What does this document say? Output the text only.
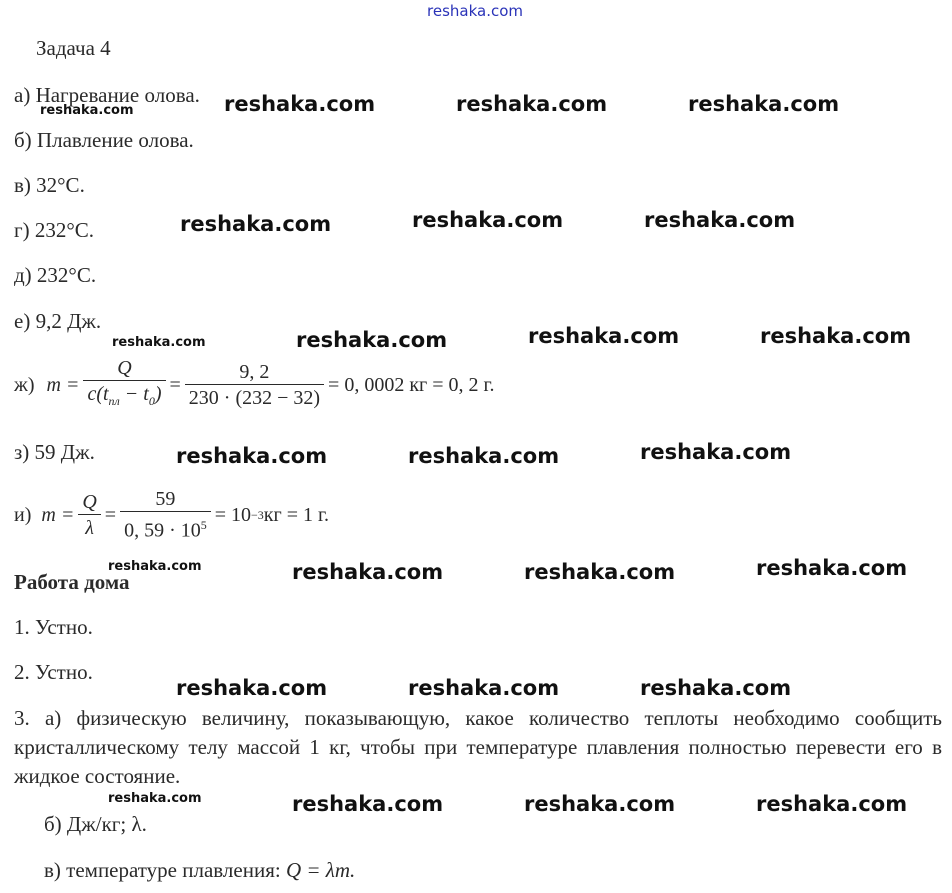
reshaka.com
Задача 4
а) Нагревание олова.
б) Плавление олова.
в) 32°С.
г) 232°С.
д) 232°С.
е) 9,2 Дж.
ж) $m = \frac{Q}{c(t_{пл} - t_0)} = \frac{9, 2}{230 \cdot (232 - 32)} = 0$, 0002 кг = 0, 2 г.
з) 59 Дж.
и) $m = \frac{Q}{\lambda} = \frac{59}{0, 59 \cdot 10^5} = 10 -3$ кг = 1 г.
Работа дома
1. Устно.
2. Устно.
3. а) физическую величину, показывающую, какое количество теплоты необходимо сообщить кристаллическому телу массой 1 кг, чтобы при температуре плавления полностью перевести его в жидкое состояние.
б) Дж/кг; λ.
в) температуре плавления: Q = λm.
reshaka.com	reshaka.com	reshaka.com	reshaka.com
reshaka.com	reshaka.com	reshaka.com
reshaka.com	reshaka.com	reshaka.com	reshaka.com
reshaka.com	reshaka.com	reshaka.com
reshaka.com	reshaka.com	reshaka.com	reshaka.com
reshaka.com	reshaka.com	reshaka.com
reshaka.com	reshaka.com	reshaka.com	reshaka.com
